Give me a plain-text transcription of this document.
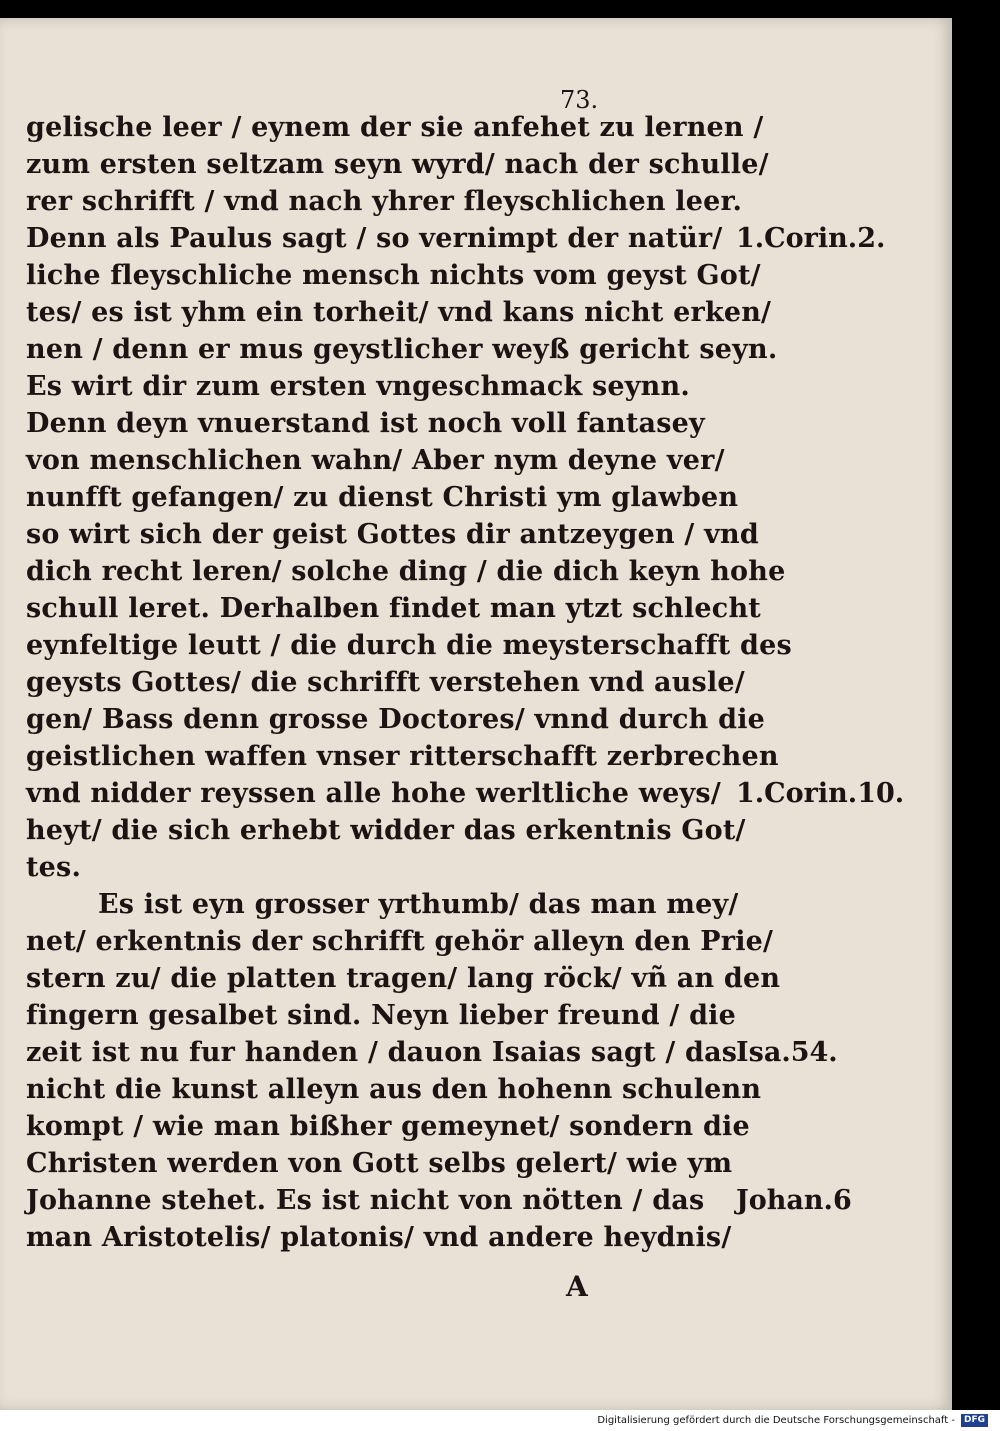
73.
gelische leer / eynem der sie anfehet zu lernen /
zum ersten seltzam seyn wyrd/ nach der schulle/
rer schrifft / vnd nach yhrer fleyschlichen leer.
Denn als Paulus sagt / so vernimpt der natür/
liche fleyschliche mensch nichts vom geyst Got/
tes/ es ist yhm ein torheit/ vnd kans nicht erken/
nen / denn er mus geystlicher weyß gericht seyn.
Es wirt dir zum ersten vngeschmack seynn.
Denn deyn vnuerstand ist noch voll fantasey
von menschlichen wahn/ Aber nym deyne ver/
nunfft gefangen/ zu dienst Christi ym glawben
so wirt sich der geist Gottes dir antzeygen / vnd
dich recht leren/ solche ding / die dich keyn hohe
schull leret. Derhalben findet man ytzt schlecht
eynfeltige leutt / die durch die meysterschafft des
geysts Gottes/ die schrifft verstehen vnd ausle/
gen/ Bass denn grosse Doctores/ vnnd durch die
geistlichen waffen vnser ritterschafft zerbrechen
vnd nidder reyssen alle hohe werltliche weys/
heyt/ die sich erhebt widder das erkentnis Got/
tes.
Es ist eyn grosser yrthumb/ das man mey/
net/ erkentnis der schrifft gehör alleyn den Prie/
stern zu/ die platten tragen/ lang röck/ vñ an den
fingern gesalbet sind. Neyn lieber freund / die
zeit ist nu fur handen / dauon Isaias sagt / das
nicht die kunst alleyn aus den hohenn schulenn
kompt / wie man bißher gemeynet/ sondern die
Christen werden von Gott selbs gelert/ wie ym
Johanne stehet. Es ist nicht von nötten / das
man Aristotelis/ platonis/ vnd andere heydnis/
1.Corin.2.
1.Corin.10.
Isa.54.
Johan.6
A
Digitalisierung gefördert durch die Deutsche Forschungsgemeinschaft -	DFG
